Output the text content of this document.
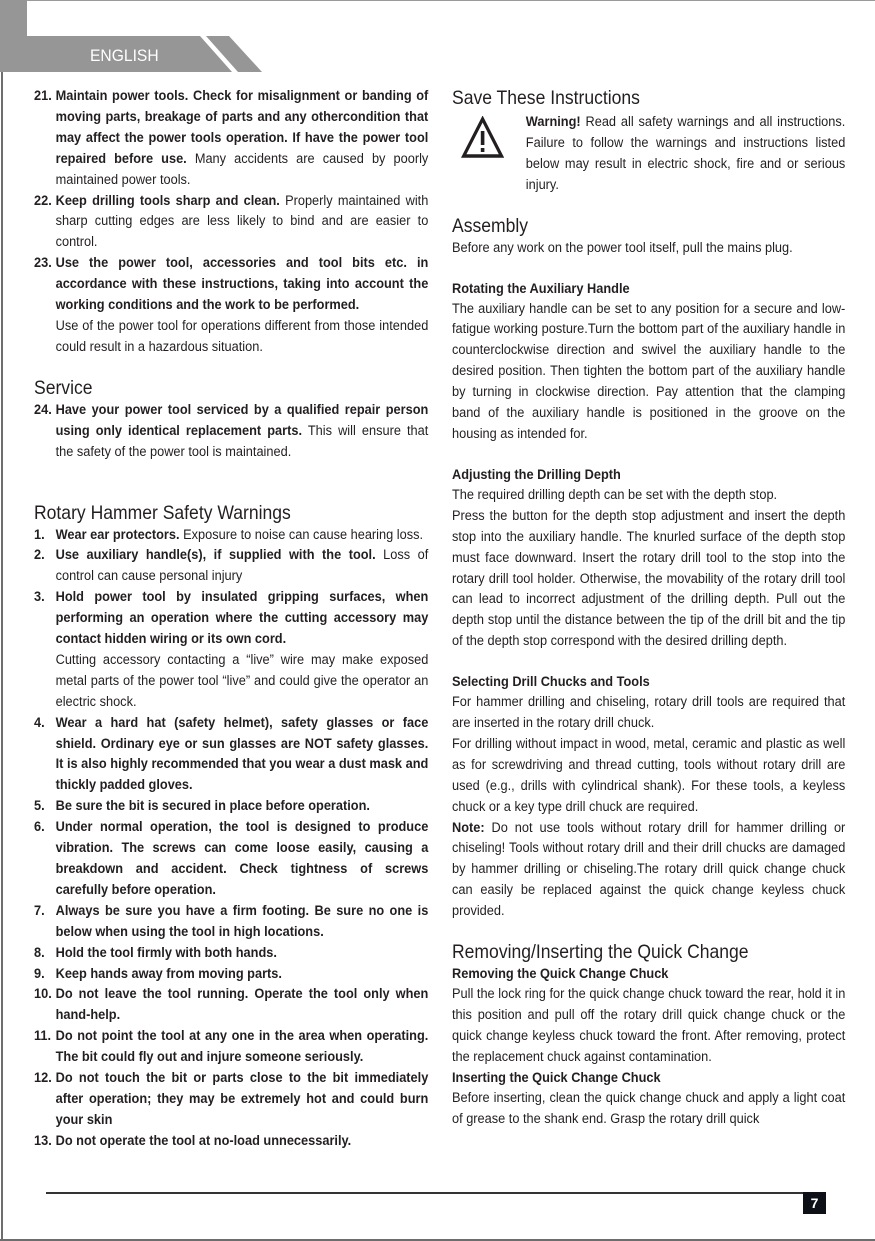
ENGLISH
21. Maintain power tools. Check for misalignment or banding of moving parts, breakage of parts and any othercondition that may affect the power tools operation. If have the power tool repaired before use. Many accidents are caused by poorly maintained power tools.
22. Keep drilling tools sharp and clean. Properly maintained with sharp cutting edges are less likely to bind and are easier to control.
23. Use the power tool, accessories and tool bits etc. in accordance with these instructions, taking into account the working conditions and the work to be performed.
Use of the power tool for operations different from those intended could result in a hazardous situation.
Service
24. Have your power tool serviced by a qualified repair person using only identical replacement parts. This will ensure that the safety of the power tool is maintained.
Rotary Hammer Safety Warnings
1. Wear ear protectors. Exposure to noise can cause hearing loss.
2. Use auxiliary handle(s), if supplied with the tool. Loss of control can cause personal injury
3. Hold power tool by insulated gripping surfaces, when performing an operation where the cutting accessory may contact hidden wiring or its own cord.
Cutting accessory contacting a “live” wire may make exposed metal parts of the power tool “live” and could give the operator an electric shock.
4. Wear a hard hat (safety helmet), safety glasses or face shield. Ordinary eye or sun glasses are NOT safety glasses. It is also highly recommended that you wear a dust mask and thickly padded gloves.
5. Be sure the bit is secured in place before operation.
6. Under normal operation, the tool is designed to produce vibration. The screws can come loose easily, causing a breakdown and accident. Check tightness of screws carefully before operation.
7. Always be sure you have a firm footing. Be sure no one is below when using the tool in high locations.
8. Hold the tool firmly with both hands.
9. Keep hands away from moving parts.
10. Do not leave the tool running. Operate the tool only when hand-help.
11. Do not point the tool at any one in the area when operating. The bit could fly out and injure someone seriously.
12. Do not touch the bit or parts close to the bit immediately after operation; they may be extremely hot and could burn your skin
13. Do not operate the tool at no-load unnecessarily.
Save These Instructions
Warning! Read all safety warnings and all instructions. Failure to follow the warnings and instructions listed below may result in electric shock, fire and or serious injury.
Assembly
Before any work on the power tool itself, pull the mains plug.
Rotating the Auxiliary Handle
The auxiliary handle can be set to any position for a secure and low-fatigue working posture.Turn the bottom part of the auxiliary handle in counterclockwise direction and swivel the auxiliary handle to the desired position. Then tighten the bottom part of the auxiliary handle by turning in clockwise direction. Pay attention that the clamping band of the auxiliary handle is positioned in the groove on the housing as intended for.
Adjusting the Drilling Depth
The required drilling depth can be set with the depth stop.
Press the button for the depth stop adjustment and insert the depth stop into the auxiliary handle. The knurled surface of the depth stop must face downward. Insert the rotary drill tool to the stop into the rotary drill tool holder. Otherwise, the movability of the rotary drill tool can lead to incorrect adjustment of the drilling depth. Pull out the depth stop until the distance between the tip of the drill bit and the tip of the depth stop correspond with the desired drilling depth.
Selecting Drill Chucks and Tools
For hammer drilling and chiseling, rotary drill tools are required that are inserted in the rotary drill chuck.
For drilling without impact in wood, metal, ceramic and plastic as well as for screwdriving and thread cutting, tools without rotary drill are used (e.g., drills with cylindrical shank). For these tools, a keyless chuck or a key type drill chuck are required.
Note: Do not use tools without rotary drill for hammer drilling or chiseling! Tools without rotary drill and their drill chucks are damaged by hammer drilling or chiseling.The rotary drill quick change chuck can easily be replaced against the quick change keyless chuck provided.
Removing/Inserting the Quick Change
Removing the Quick Change Chuck
Pull the lock ring for the quick change chuck toward the rear, hold it in this position and pull off the rotary drill quick change chuck or the quick change keyless chuck toward the front. After removing, protect the replacement chuck against contamination.
Inserting the Quick Change Chuck
Before inserting, clean the quick change chuck and apply a light coat of grease to the shank end. Grasp the rotary drill quick
7
